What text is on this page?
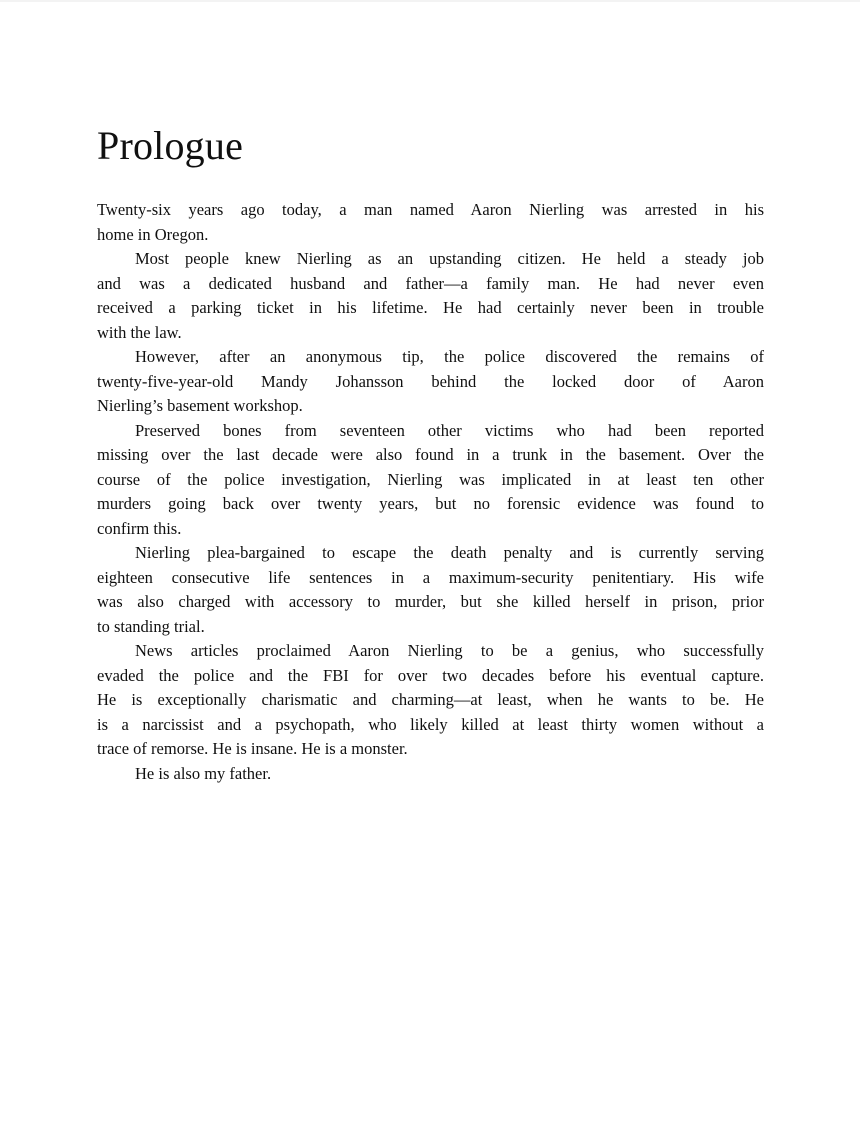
Prologue
Twenty-six years ago today, a man named Aaron Nierling was arrested in his
home in Oregon.
Most people knew Nierling as an upstanding citizen. He held a steady job
and was a dedicated husband and father—a family man. He had never even
received a parking ticket in his lifetime. He had certainly never been in trouble
with the law.
However, after an anonymous tip, the police discovered the remains of
twenty-five-year-old Mandy Johansson behind the locked door of Aaron
Nierling’s basement workshop.
Preserved bones from seventeen other victims who had been reported
missing over the last decade were also found in a trunk in the basement. Over the
course of the police investigation, Nierling was implicated in at least ten other
murders going back over twenty years, but no forensic evidence was found to
confirm this.
Nierling plea-bargained to escape the death penalty and is currently serving
eighteen consecutive life sentences in a maximum-security penitentiary. His wife
was also charged with accessory to murder, but she killed herself in prison, prior
to standing trial.
News articles proclaimed Aaron Nierling to be a genius, who successfully
evaded the police and the FBI for over two decades before his eventual capture.
He is exceptionally charismatic and charming—at least, when he wants to be. He
is a narcissist and a psychopath, who likely killed at least thirty women without a
trace of remorse. He is insane. He is a monster.
He is also my father.
